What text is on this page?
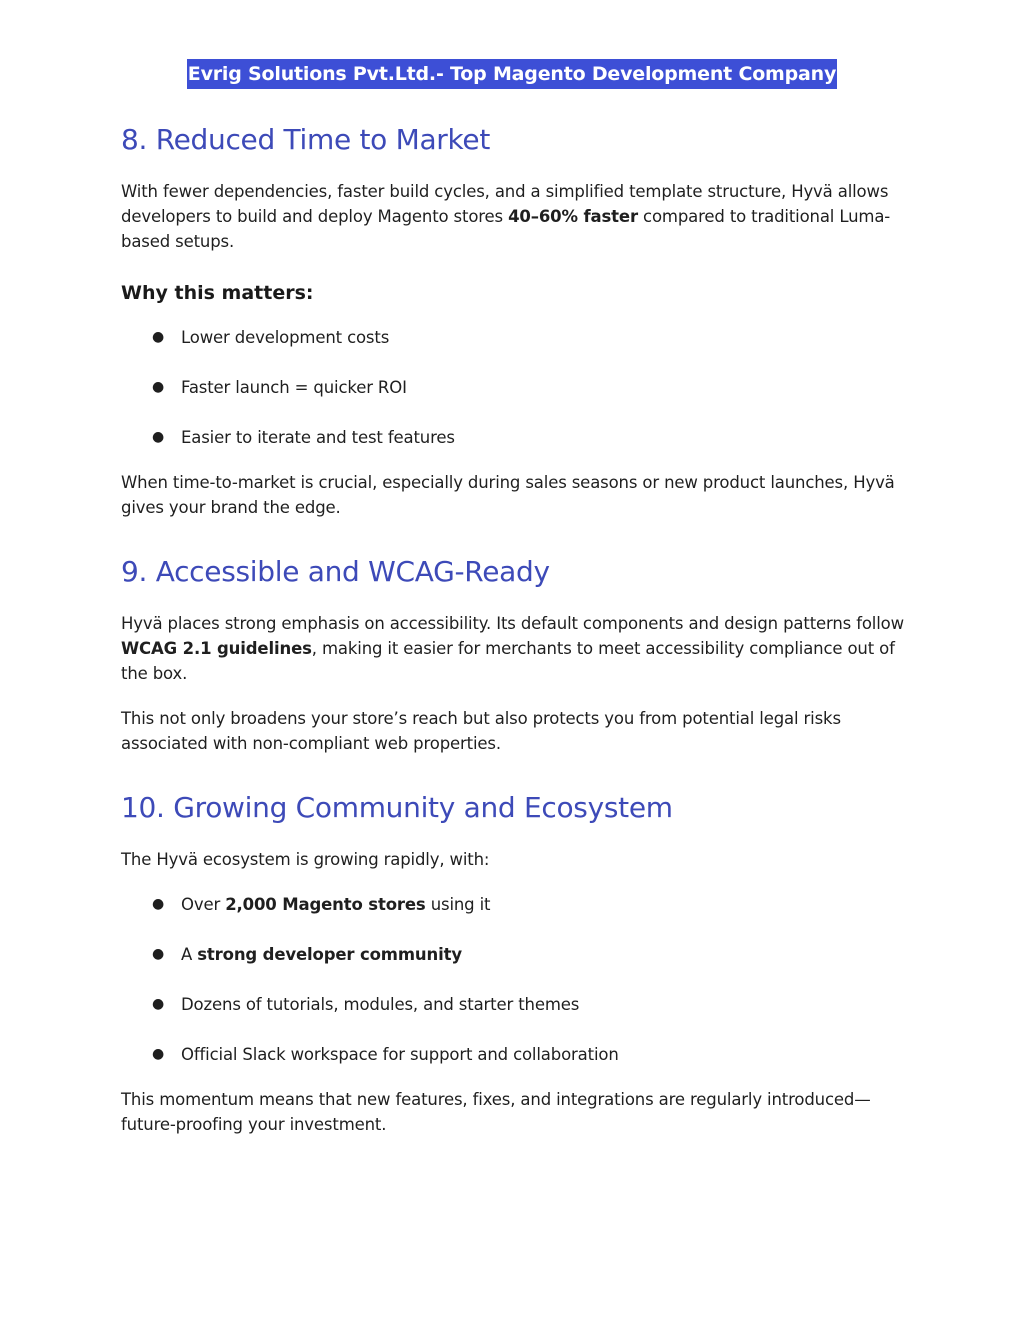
Evrig Solutions Pvt.Ltd.- Top Magento Development Company
8. Reduced Time to Market

With fewer dependencies, faster build cycles, and a simplified template structure, Hyvä allows developers to build and deploy Magento stores 40–60% faster compared to traditional Luma-based setups.

Why this matters:
● Lower development costs
● Faster launch = quicker ROI
● Easier to iterate and test features

When time-to-market is crucial, especially during sales seasons or new product launches, Hyvä gives your brand the edge.

9. Accessible and WCAG-Ready

Hyvä places strong emphasis on accessibility. Its default components and design patterns follow WCAG 2.1 guidelines, making it easier for merchants to meet accessibility compliance out of the box.

This not only broadens your store’s reach but also protects you from potential legal risks associated with non-compliant web properties.

10. Growing Community and Ecosystem

The Hyvä ecosystem is growing rapidly, with:

● Over 2,000 Magento stores using it
● A strong developer community
● Dozens of tutorials, modules, and starter themes
● Official Slack workspace for support and collaboration

This momentum means that new features, fixes, and integrations are regularly introduced—future-proofing your investment.
